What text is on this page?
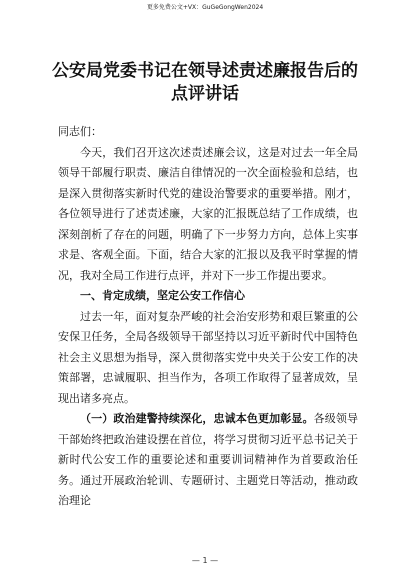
更多免费公文+VX：GuGeGongWen2024
公安局党委书记在领导述责述廉报告后的点评讲话

同志们：

今天，我们召开这次述责述廉会议，这是对过去一年全局领导干部履行职责、廉洁自律情况的一次全面检验和总结，也是深入贯彻落实新时代党的建设治警要求的重要举措。刚才，各位领导进行了述责述廉，大家的汇报既总结了工作成绩，也深刻剖析了存在的问题，明确了下一步努力方向，总体上实事求是、客观全面。下面，结合大家的汇报以及我平时掌握的情况，我对全局工作进行点评，并对下一步工作提出要求。

一、肯定成绩，坚定公安工作信心

过去一年，面对复杂严峻的社会治安形势和艰巨繁重的公安保卫任务，全局各级领导干部坚持以习近平新时代中国特色社会主义思想为指导，深入贯彻落实党中央关于公安工作的决策部署，忠诚履职、担当作为，各项工作取得了显著成效，呈现出诸多亮点。

（一）政治建警持续深化，忠诚本色更加彰显。各级领导干部始终把政治建设摆在首位，将学习贯彻习近平总书记关于新时代公安工作的重要论述和重要训词精神作为首要政治任务。通过开展政治轮训、专题研讨、主题党日等活动，推动政治理论

— 1 —
